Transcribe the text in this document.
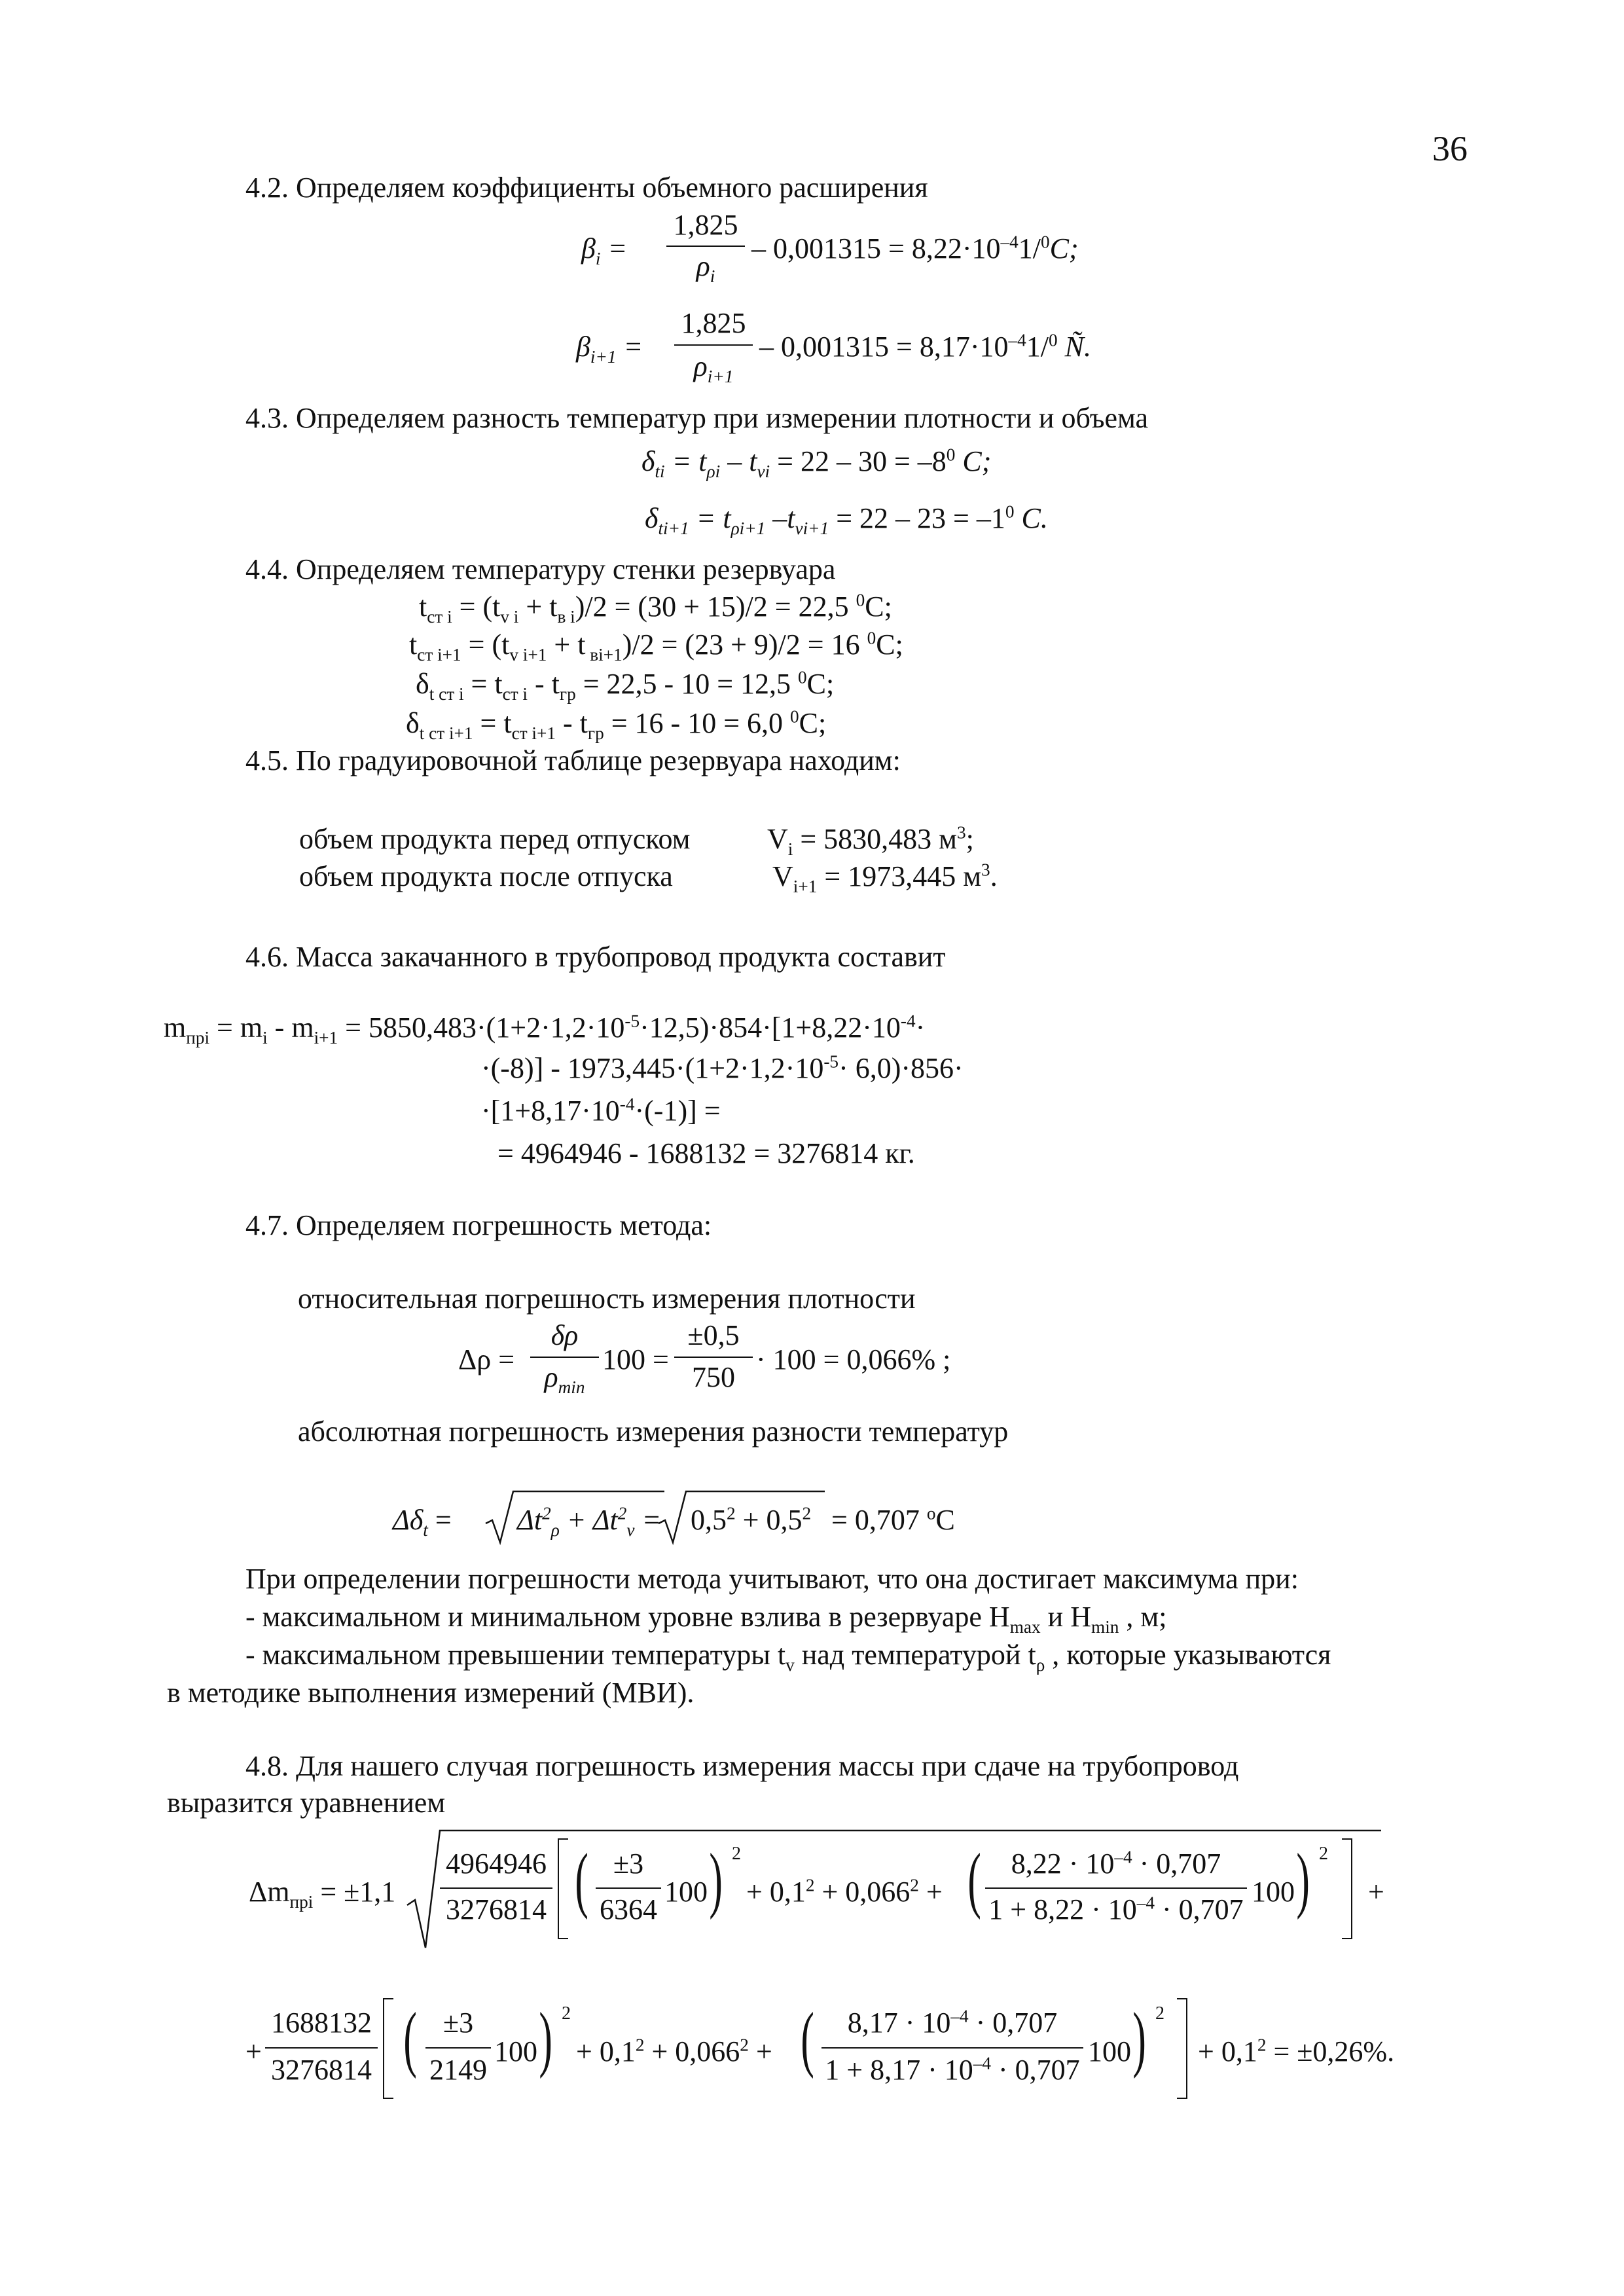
36
4.2. Определяем коэффициенты объемного расширения
$\beta_i$ =
1,825
$\rho_i$
– $0,001315 = 8,22\cdot 10^{-4}1/^0C$;
$\beta_{i+1}$ =
1,825
$\rho_{i+1}$
– $0,001315 = 8,17\cdot 10^{-4}1/^0$ Ñ.
4.3. Определяем разность температур при измерении плотности и объема
$\delta_{ti} = t_{\rho i} - t_{vi} = 22 - 30 = -8^0$ C;
$\delta_{ti+1} = t_{\rho i+1}$ $-t_{vi+1} = 22 - 23 = -1^0$ C.
4.4. Определяем температуру стенки резервуара
$t_{ст i} = (t_{v i} + t_{в i})/2 = (30 + 15)/2 = 22,5$ $^0$C;
$t_{ст i+1} = (t_{v i+1} + t$ $_{вi+1}$)/2 = (23 + 9)/2 = 16 $^0$C;
$\delta_{t ст i} = t_{ст i} - t_{гр} = 22,5 - 10 = 12,5$ $^0$C;
$\delta_{t ст i+1} = t_{ст i+1} - t_{гр} = 16 - 10 = 6,0$ $^0$C;
4.5. По градуировочной таблице резервуара находим:
объем продукта перед отпуском	$V_i = 5830,483$ $м^3$;
объем продукта после отпуска	$V_{i+1} = 1973,445$ $м^3$.
4.6. Масса закачанного в трубопровод продукта составит
$m_{прi} = m_i - m_{i+1} = 5850,483\cdot(1+2\cdot 1,2\cdot 10^{-5}\cdot 12,5)\cdot 854\cdot[1+8,22\cdot 10^{-4}\cdot$
$\cdot(-8)] - 1973,445\cdot(1+2\cdot 1,2\cdot 10^{-5}\cdot 6,0)\cdot 856\cdot$
$\cdot[1+8,17\cdot 10^{-4}\cdot(-1)]$ =
= 4964946 - 1688132 = 3276814 кг.
4.7. Определяем погрешность метода:
относительная погрешность измерения плотности
Δρ =
δρ
$\rho_{min}$
100 =
±0,5
750
· 100 = 0,066% ;
абсолютная погрешность измерения разности температур
$\Delta\delta_t = \Delta t^2_\rho + \Delta t^2_v = 0,5^2 + 0,5^2 = 0,707$ $^o$C
При определении погрешности метода учитывают, что она достигает максимума при:
- максимальном и минимальном уровне взлива в резервуаре $H_{max}$ и $H_{min}$ , м;
- максимальном превышении температуры $t_v$ над температурой $t_\rho$ , которые указываются
в методике выполнения измерений (МВИ).
4.8. Для нашего случая погрешность измерения массы при сдаче на трубопровод
выразится уравнением
$\Delta m_{прi} = \pm 1,1$
4964946
3276814 ( ±3
6364
100 ) 2
+ $0,1^2 + 0,066^2$ + (	$8,22 \cdot 10^{-4} \cdot 0,707$
$1 + 8,22 \cdot 10^{-4} \cdot 0,707$
100 ) 2
+
+
1688132
3276814 ( ±3
2149
100 ) 2
+ $0,1^2 + 0,066^2$ + (	$8,17 \cdot 10^{-4} \cdot 0,707$
$1 + 8,17 \cdot 10^{-4} \cdot 0,707$
100 ) 2
+ $0,1^2 = \pm 0,26\%$.
